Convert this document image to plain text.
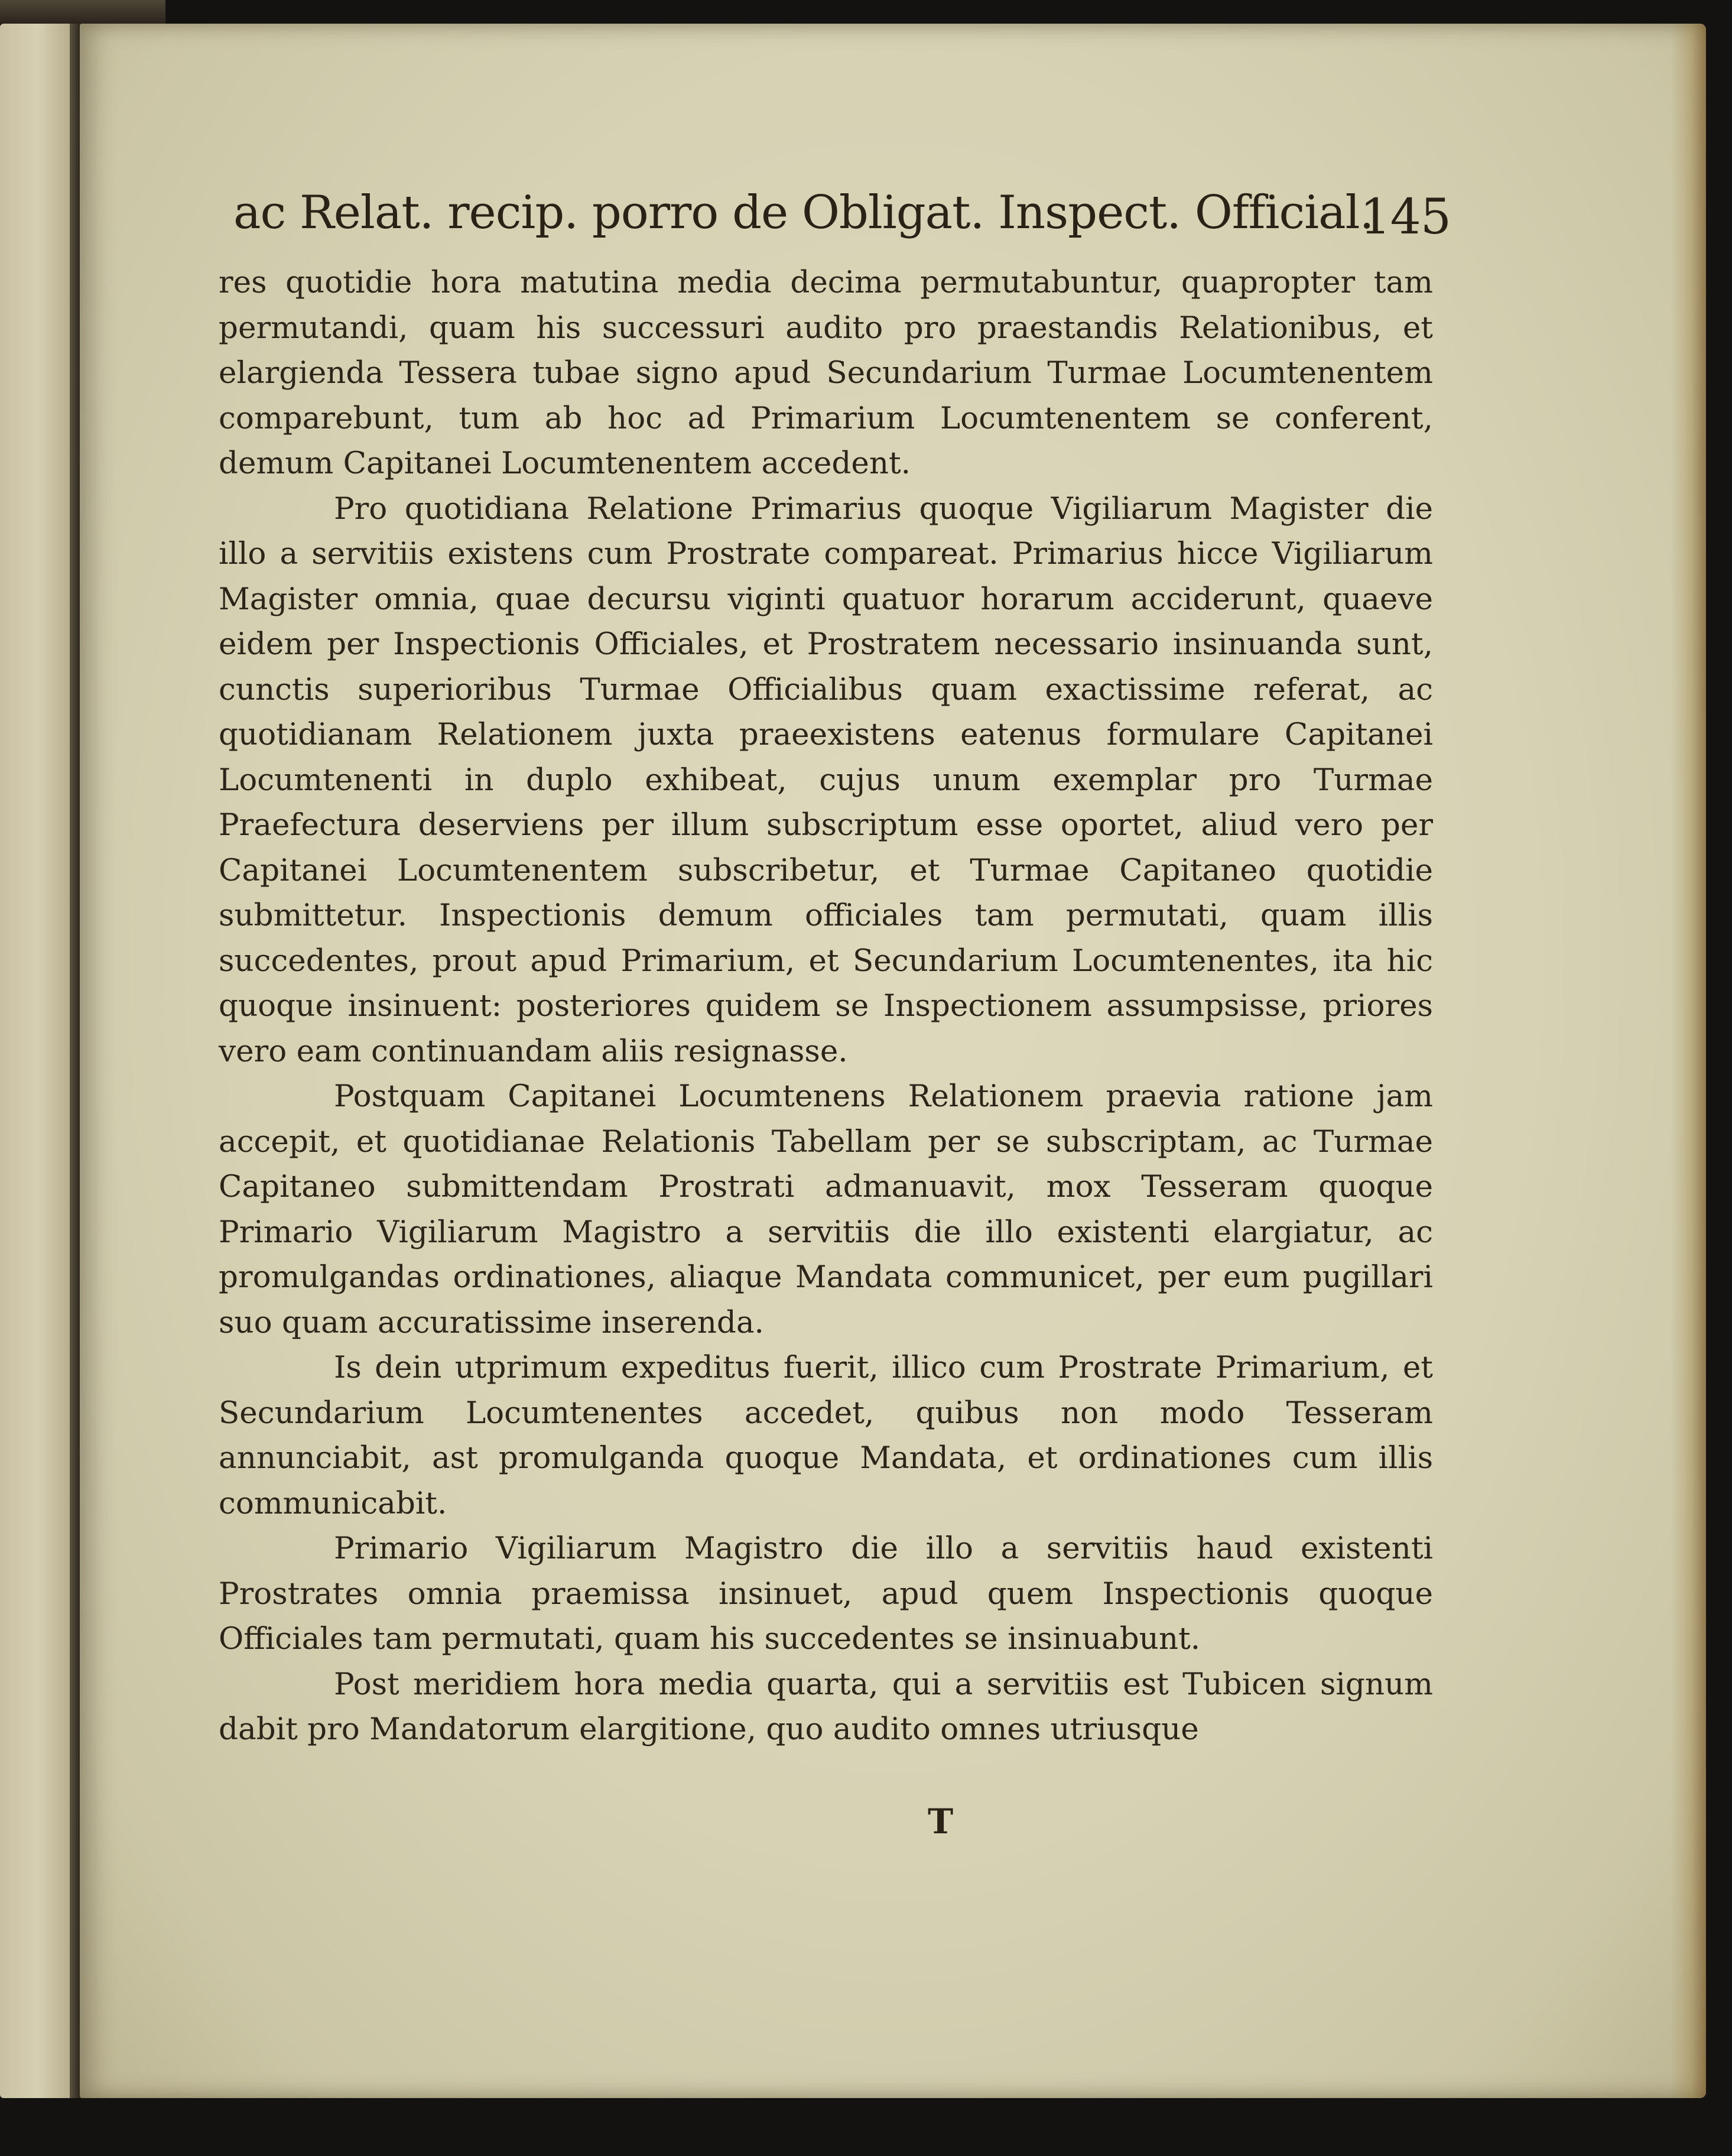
ac Relat. recip. porro de Obligat. Inspect. Official.
145

res quotidie hora matutina media decima permutabuntur, quapropter tam permutandi, quam his successuri audito pro praestandis Relationibus, et elargienda Tessera tubae signo apud Secundarium Turmae Locumtenentem comparebunt, tum ab hoc ad Primarium Locumtenentem se conferent, demum Capitanei Locumtenentem accedent.

Pro quotidiana Relatione Primarius quoque Vigiliarum Magister die illo a servitiis existens cum Prostrate compareat. Primarius hicce Vigiliarum Magister omnia, quae decursu viginti quatuor horarum acciderunt, quaeve eidem per Inspectionis Officiales, et Prostratem necessario insinuanda sunt, cunctis superioribus Turmae Officialibus quam exactissime referat, ac quotidianam Relationem juxta praeexistens eatenus formulare Capitanei Locumtenenti in duplo exhibeat, cujus unum exemplar pro Turmae Praefectura deserviens per illum subscriptum esse oportet, aliud vero per Capitanei Locumtenentem subscribetur, et Turmae Capitaneo quotidie submittetur. Inspectionis demum officiales tam permutati, quam illis succedentes, prout apud Primarium, et Secundarium Locumtenentes, ita hic quoque insinuent: posteriores quidem se Inspectionem assumpsisse, priores vero eam continuandam aliis resignasse.

Postquam Capitanei Locumtenens Relationem praevia ratione jam accepit, et quotidianae Relationis Tabellam per se subscriptam, ac Turmae Capitaneo submittendam Prostrati admanuavit, mox Tesseram quoque Primario Vigiliarum Magistro a servitiis die illo existenti elargiatur, ac promulgandas ordinationes, aliaque Mandata communicet, per eum pugillari suo quam accuratissime inserenda.

Is dein utprimum expeditus fuerit, illico cum Prostrate Primarium, et Secundarium Locumtenentes accedet, quibus non modo Tesseram annunciabit, ast promulganda quoque Mandata, et ordinationes cum illis communicabit.

Primario Vigiliarum Magistro die illo a servitiis haud existenti Prostrates omnia praemissa insinuet, apud quem Inspectionis quoque Officiales tam permutati, quam his succedentes se insinuabunt.

Post meridiem hora media quarta, qui a servitiis est Tubicen signum dabit pro Mandatorum elargitione, quo audito omnes utriusque

T
